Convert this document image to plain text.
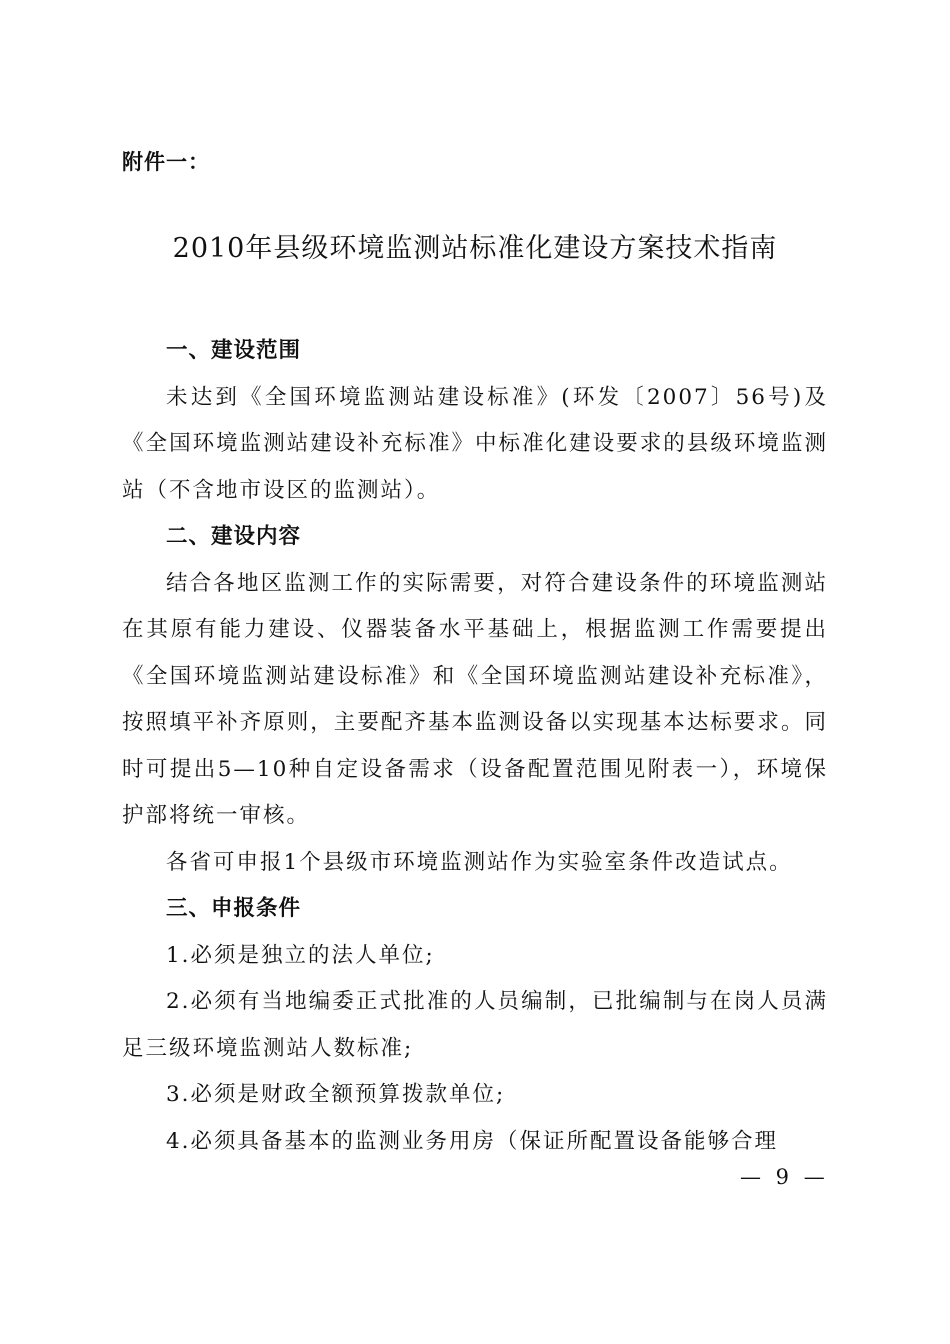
附件一：
2010年县级环境监测站标准化建设方案技术指南

一、建设范围

未达到《全国环境监测站建设标准》(环发〔2007〕56号)及《全国环境监测站建设补充标准》中标准化建设要求的县级环境监测站（不含地市设区的监测站）。

二、建设内容

结合各地区监测工作的实际需要，对符合建设条件的环境监测站在其原有能力建设、仪器装备水平基础上，根据监测工作需要提出《全国环境监测站建设标准》和《全国环境监测站建设补充标准》，按照填平补齐原则，主要配齐基本监测设备以实现基本达标要求。同时可提出5—10种自定设备需求（设备配置范围见附表一），环境保护部将统一审核。

各省可申报1个县级市环境监测站作为实验室条件改造试点。

三、申报条件

1.必须是独立的法人单位;

2.必须有当地编委正式批准的人员编制，已批编制与在岗人员满足三级环境监测站人数标准;

3.必须是财政全额预算拨款单位;

4.必须具备基本的监测业务用房（保证所配置设备能够合理

— 9 —
